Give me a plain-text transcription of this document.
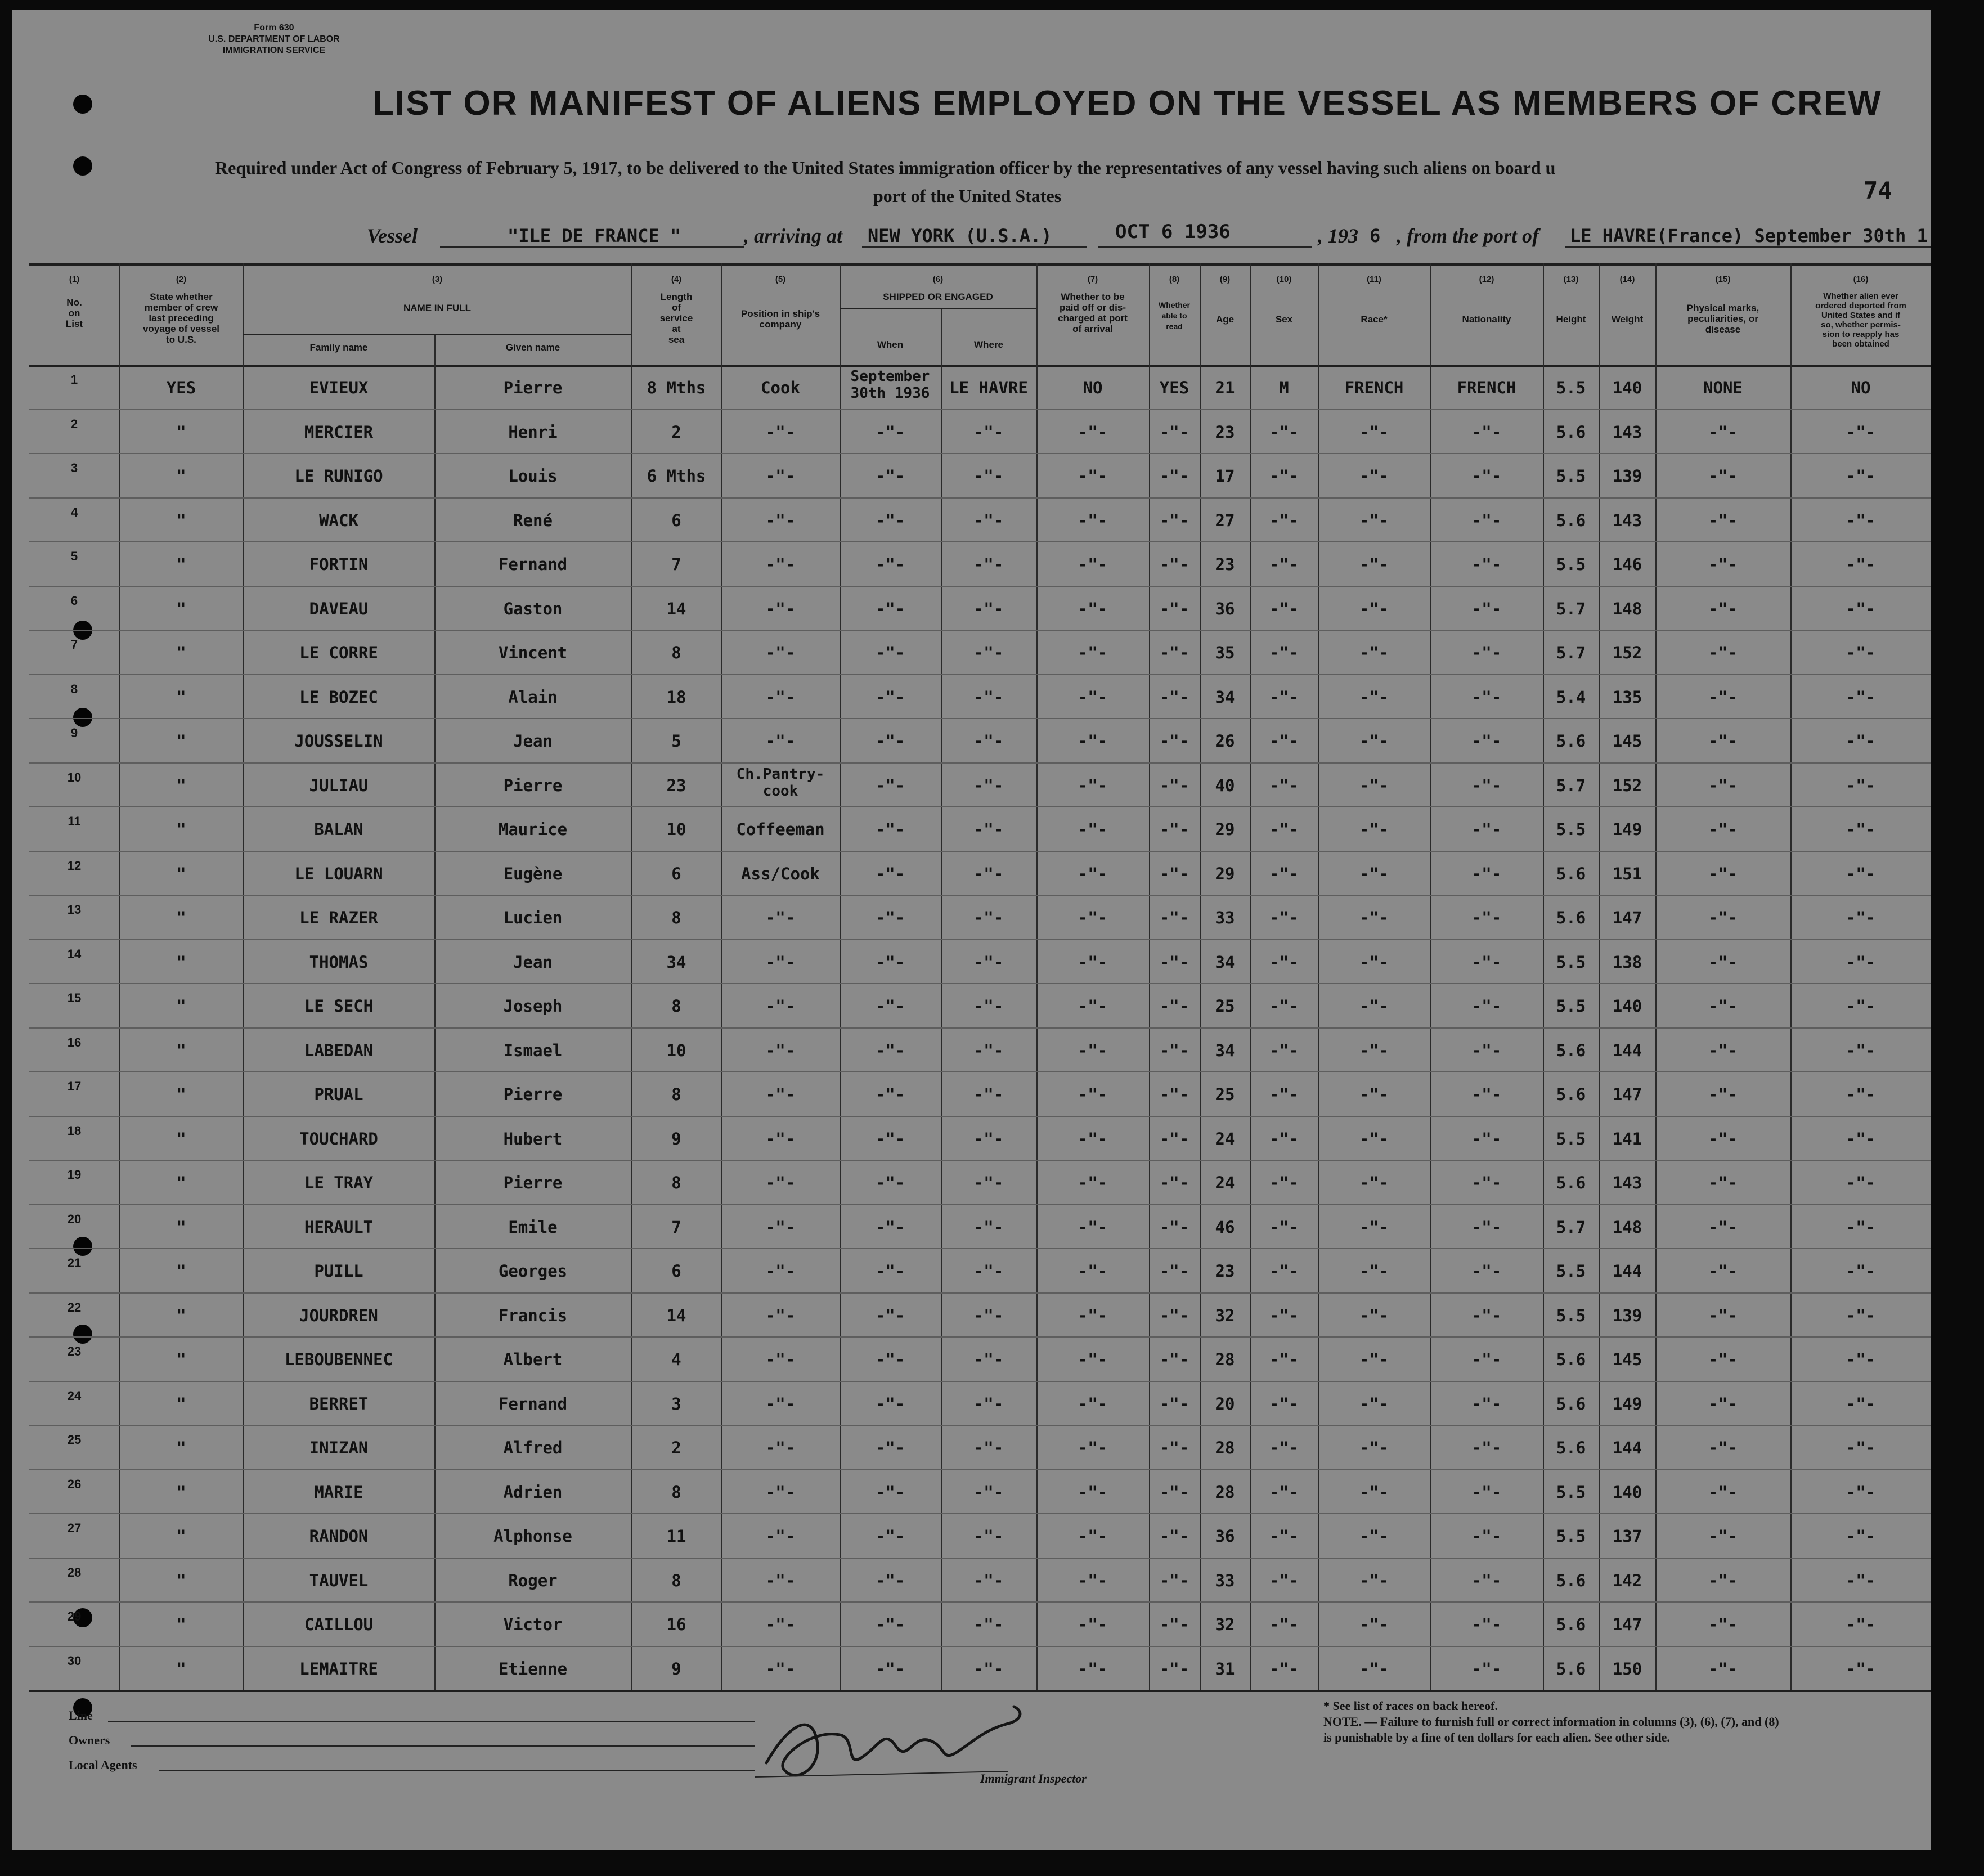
Form 630
U.S. DEPARTMENT OF LABOR
IMMIGRATION SERVICE
LIST OR MANIFEST OF ALIENS EMPLOYED ON THE VESSEL AS MEMBERS OF CREW
Required under Act of Congress of February 5, 1917, to be delivered to the United States immigration officer by the representatives of any vessel having such aliens on board u
port of the United States	74
Vessel	"ILE DE FRANCE "	, arriving at NEW YORK (U.S.A.)	OCT 6 1936	, 193 6 , from the port of LE HAVRE(France) September 30th 1
(1)
No.
on
List
(2)
State whether
member of crew
last preceding
voyage of vessel
to U.S.
(3)
NAME IN FULL
Family name	Given name
(4)
Length
of
service
at
sea
(5)
Position in ship's
company
(6)
SHIPPED OR ENGAGED
When	Where
(7)
Whether to be
paid off or dis-
charged at port
of arrival
(8)
Whether
able to
read
(9)
Age
(10)
Sex
(11)
Race*
(12)
Nationality
(13)
Height
(14)
Weight
(15)
Physical marks,
peculiarities, or
disease
(16)
Whether alien ever
ordered deported from
United States and if
so, whether permis-
sion to reapply has
been obtained
1	YES	EVIEUX	Pierre	8 Mths	Cook
September
30th 1936	LE HAVRE	NO	YES	21	M	FRENCH	FRENCH	5.5	140	NONE	NO
2	"	MERCIER	Henri	2	-"-	-"-	-"-	-"-	-"-	23	-"-	-"-	-"-	5.6	143	-"-	-"-
3	"	LE RUNIGO	Louis	6 Mths	-"-	-"-	-"-	-"-	-"-	17	-"-	-"-	-"-	5.5	139	-"-	-"-
4	"	WACK	René	6	-"-	-"-	-"-	-"-	-"-	27	-"-	-"-	-"-	5.6	143	-"-	-"-
5	"	FORTIN	Fernand	7	-"-	-"-	-"-	-"-	-"-	23	-"-	-"-	-"-	5.5	146	-"-	-"-
6	"	DAVEAU	Gaston	14	-"-	-"-	-"-	-"-	-"-	36	-"-	-"-	-"-	5.7	148	-"-	-"-
7	"	LE CORRE	Vincent	8	-"-	-"-	-"-	-"-	-"-	35	-"-	-"-	-"-	5.7	152	-"-	-"-
8	"	LE BOZEC	Alain	18	-"-	-"-	-"-	-"-	-"-	34	-"-	-"-	-"-	5.4	135	-"-	-"-
9	"	JOUSSELIN	Jean	5	-"-	-"-	-"-	-"-	-"-	26	-"-	-"-	-"-	5.6	145	-"-	-"-
10	"	JULIAU	Pierre	23
Ch.Pantry-
cook	-"-	-"-	-"-	-"-	40	-"-	-"-	-"-	5.7	152	-"-	-"-
11	"	BALAN	Maurice	10	Coffeeman	-"-	-"-	-"-	-"-	29	-"-	-"-	-"-	5.5	149	-"-	-"-
12	"	LE LOUARN	Eugène	6	Ass/Cook	-"-	-"-	-"-	-"-	29	-"-	-"-	-"-	5.6	151	-"-	-"-
13	"	LE RAZER	Lucien	8	-"-	-"-	-"-	-"-	-"-	33	-"-	-"-	-"-	5.6	147	-"-	-"-
14	"	THOMAS	Jean	34	-"-	-"-	-"-	-"-	-"-	34	-"-	-"-	-"-	5.5	138	-"-	-"-
15	"	LE SECH	Joseph	8	-"-	-"-	-"-	-"-	-"-	25	-"-	-"-	-"-	5.5	140	-"-	-"-
16	"	LABEDAN	Ismael	10	-"-	-"-	-"-	-"-	-"-	34	-"-	-"-	-"-	5.6	144	-"-	-"-
17	"	PRUAL	Pierre	8	-"-	-"-	-"-	-"-	-"-	25	-"-	-"-	-"-	5.6	147	-"-	-"-
18	"	TOUCHARD	Hubert	9	-"-	-"-	-"-	-"-	-"-	24	-"-	-"-	-"-	5.5	141	-"-	-"-
19	"	LE TRAY	Pierre	8	-"-	-"-	-"-	-"-	-"-	24	-"-	-"-	-"-	5.6	143	-"-	-"-
20	"	HERAULT	Emile	7	-"-	-"-	-"-	-"-	-"-	46	-"-	-"-	-"-	5.7	148	-"-	-"-
21	"	PUILL	Georges	6	-"-	-"-	-"-	-"-	-"-	23	-"-	-"-	-"-	5.5	144	-"-	-"-
22	"	JOURDREN	Francis	14	-"-	-"-	-"-	-"-	-"-	32	-"-	-"-	-"-	5.5	139	-"-	-"-
23	"	LEBOUBENNEC	Albert	4	-"-	-"-	-"-	-"-	-"-	28	-"-	-"-	-"-	5.6	145	-"-	-"-
24	"	BERRET	Fernand	3	-"-	-"-	-"-	-"-	-"-	20	-"-	-"-	-"-	5.6	149	-"-	-"-
25	"	INIZAN	Alfred	2	-"-	-"-	-"-	-"-	-"-	28	-"-	-"-	-"-	5.6	144	-"-	-"-
26	"	MARIE	Adrien	8	-"-	-"-	-"-	-"-	-"-	28	-"-	-"-	-"-	5.5	140	-"-	-"-
27	"	RANDON	Alphonse	11	-"-	-"-	-"-	-"-	-"-	36	-"-	-"-	-"-	5.5	137	-"-	-"-
28	"	TAUVEL	Roger	8	-"-	-"-	-"-	-"-	-"-	33	-"-	-"-	-"-	5.6	142	-"-	-"-
29	"	CAILLOU	Victor	16	-"-	-"-	-"-	-"-	-"-	32	-"-	-"-	-"-	5.6	147	-"-	-"-
30	"	LEMAITRE	Etienne	9	-"-	-"-	-"-	-"-	-"-	31	-"-	-"-	-"-	5.6	150	-"-	-"-
Immigrant Inspector
Line
Owners
Local Agents
* See list of races on back hereof.
NOTE. — Failure to furnish full or correct information in columns (3), (6), (7), and (8)
is punishable by a fine of ten dollars for each alien. See other side.
